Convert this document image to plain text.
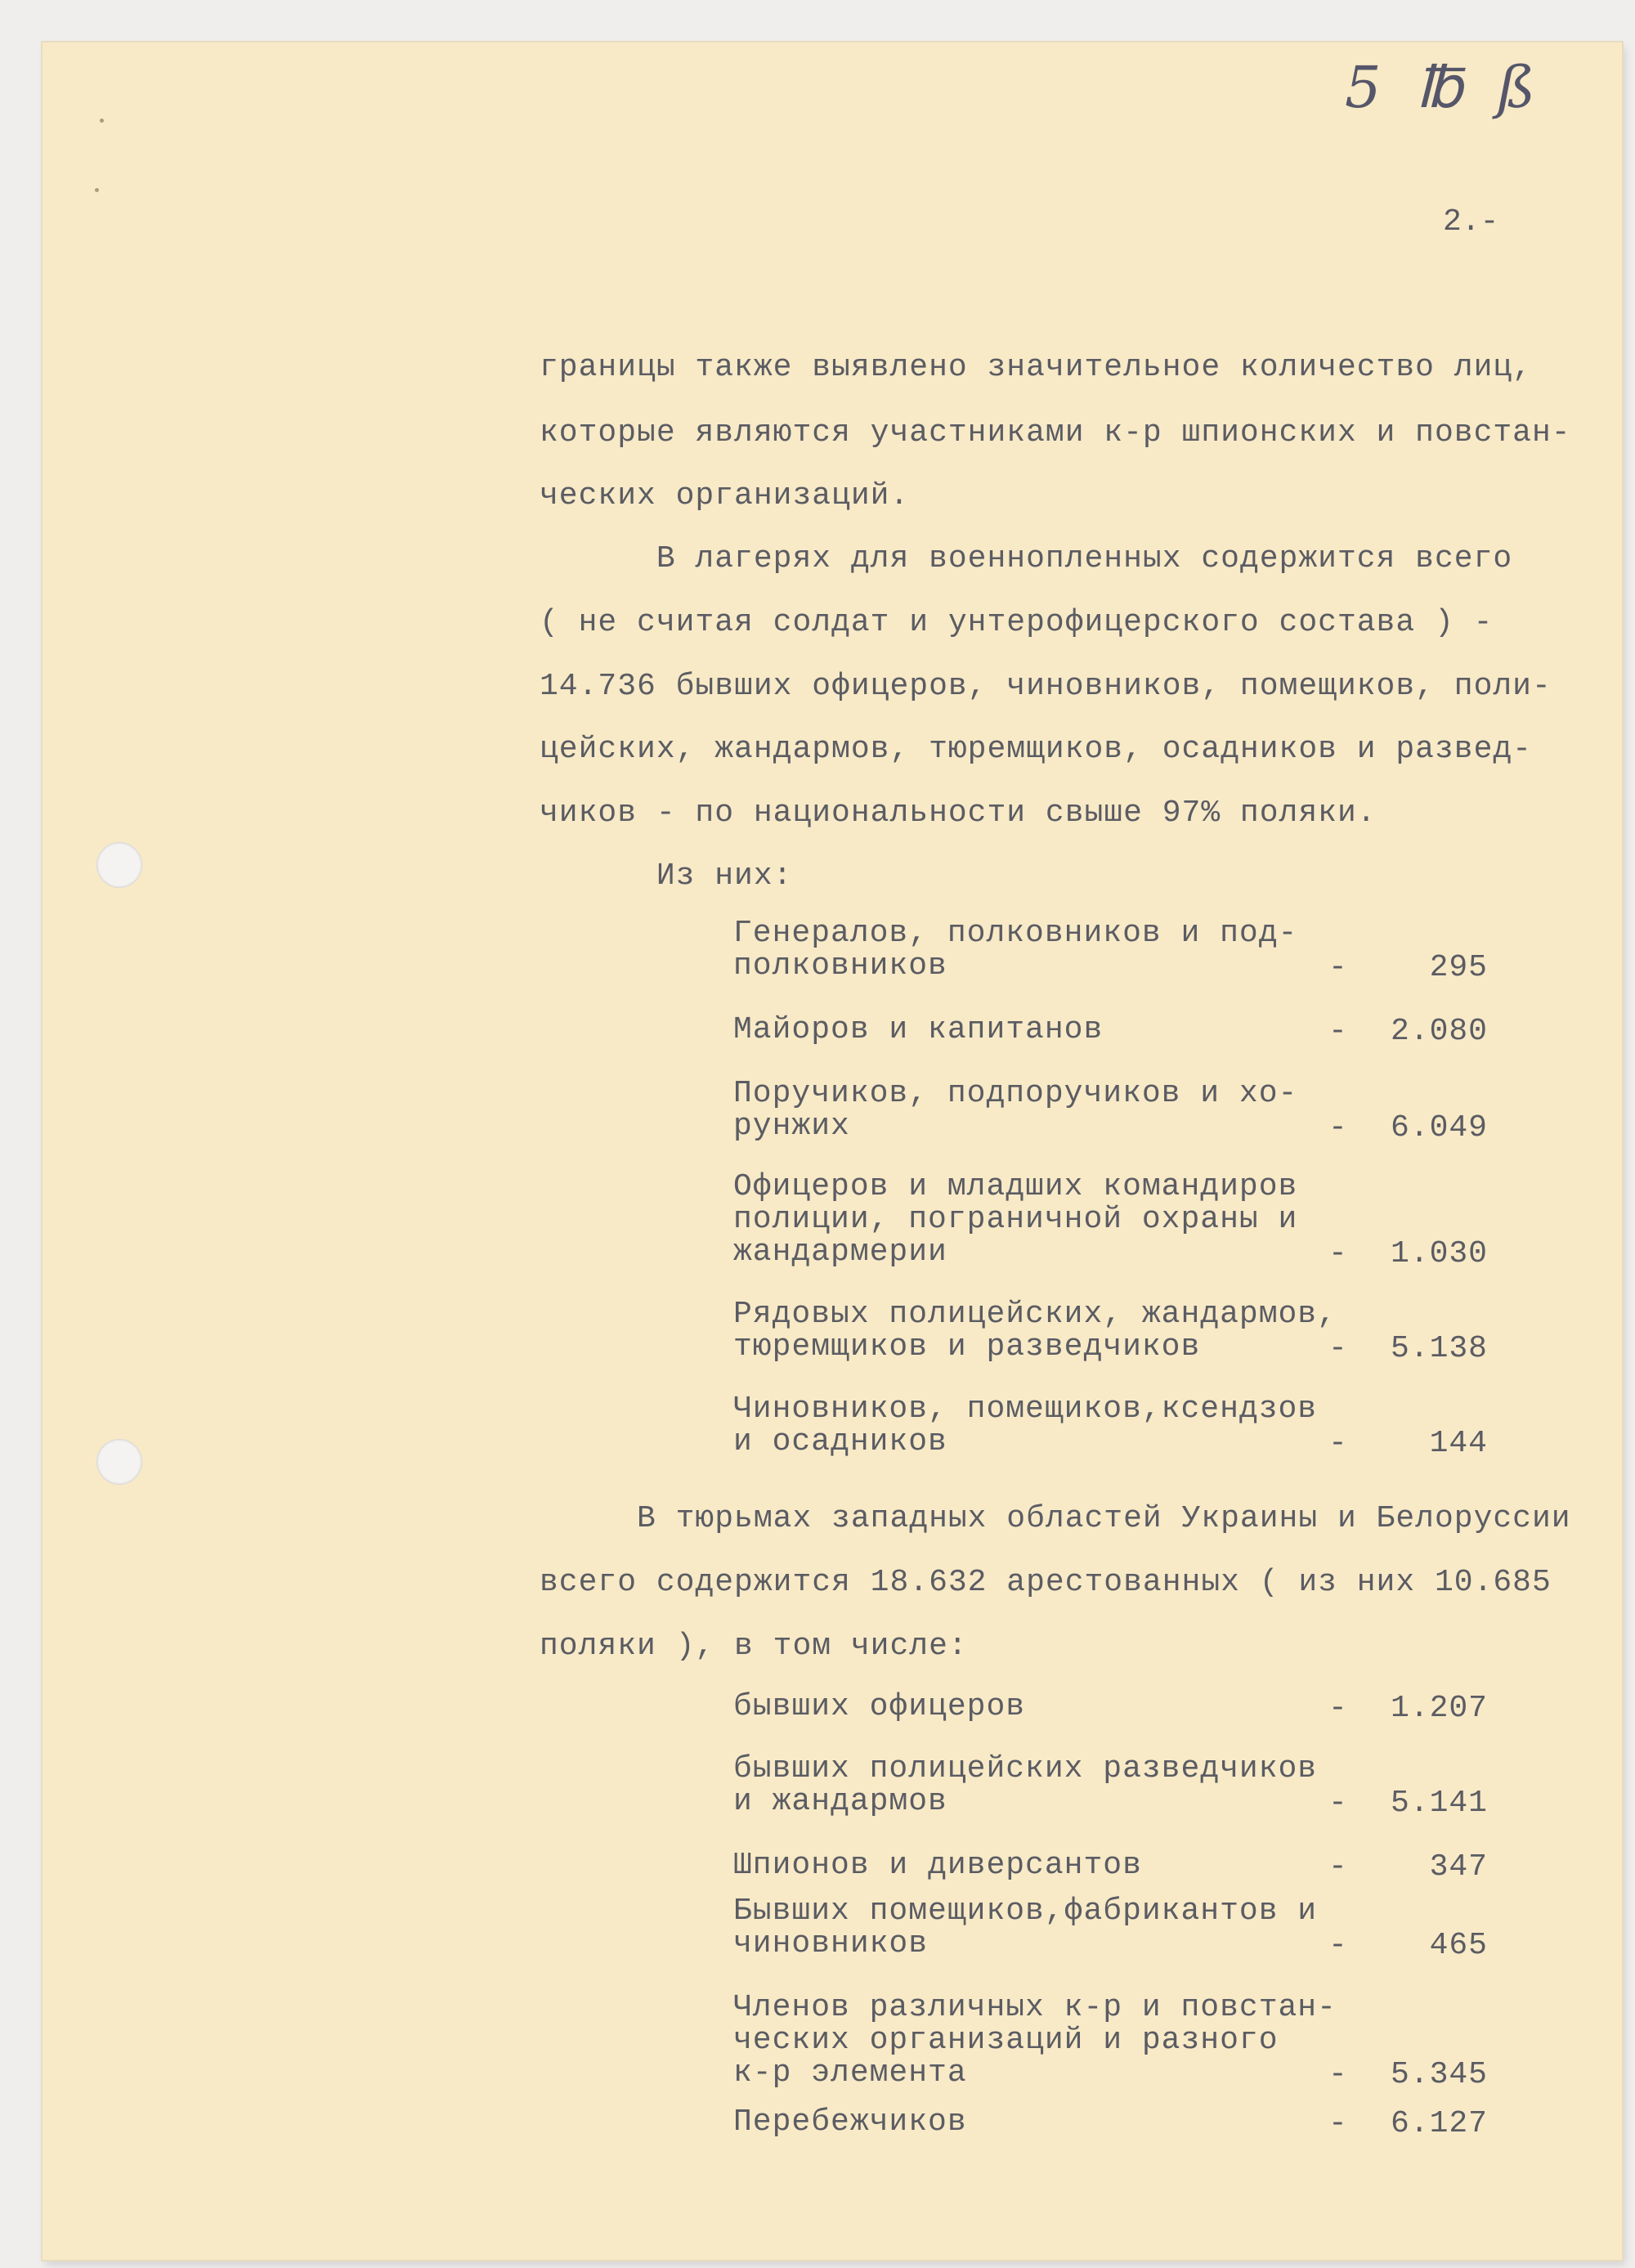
5 ℔ ß
2.-
границы также выявлено значительное количество лиц,
которые являются участниками к-р шпионских и повстан-
ческих организаций.
В лагерях для военнопленных содержится всего
( не считая солдат и унтерофицерского состава ) -
14.736 бывших офицеров, чиновников, помещиков, поли-
цейских, жандармов, тюремщиков, осадников и развед-
чиков - по национальности свыше 97% поляки.
Из них:
Генералов, полковников и под-
полковников	-	295
Майоров и капитанов	-	2.080
Поручиков, подпоручиков и хо-
рунжих	-	6.049
Офицеров и младших командиров
полиции, пограничной охраны и
жандармерии	-	1.030
Рядовых полицейских, жандармов,
тюремщиков и разведчиков	-	5.138
Чиновников, помещиков,ксендзов
и осадников	-	144
В тюрьмах западных областей Украины и Белоруссии
всего содержится 18.632 арестованных ( из них 10.685
поляки ), в том числе:
бывших офицеров	-	1.207
бывших полицейских разведчиков
и жандармов	-	5.141
Шпионов и диверсантов	-	347
Бывших помещиков,фабрикантов и
чиновников	-	465
Членов различных к-р и повстан-
ческих организаций и разного
к-р элемента	-	5.345
Перебежчиков	-	6.127
